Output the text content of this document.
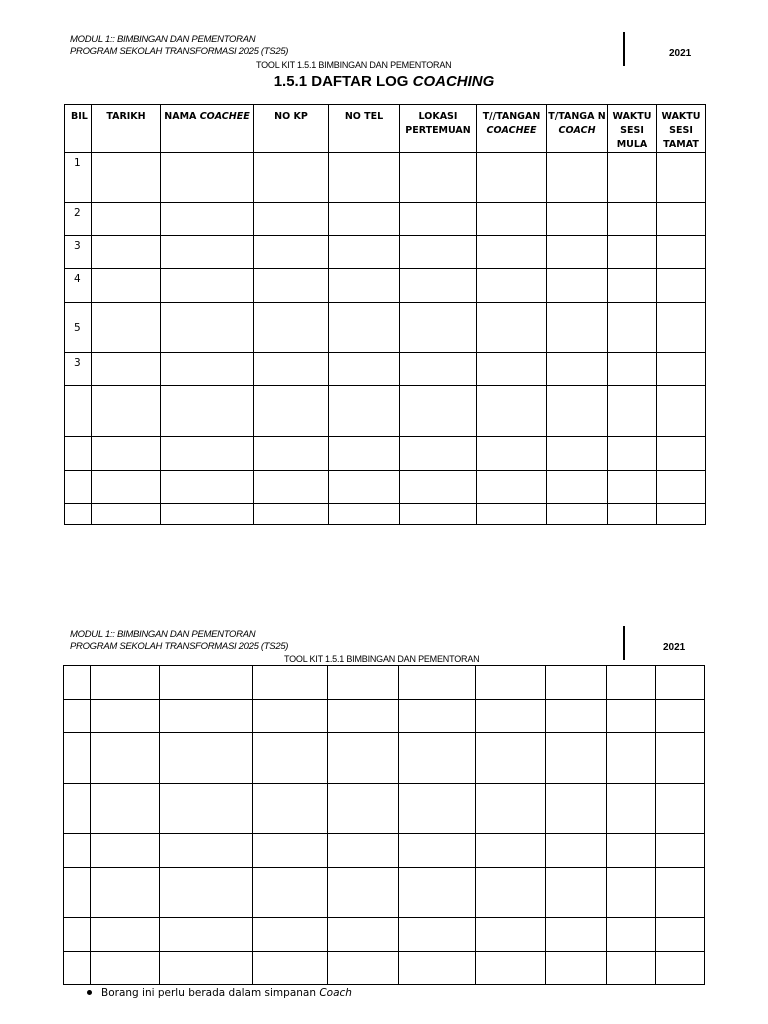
MODUL 1:: BIMBINGAN DAN PEMENTORAN
PROGRAM SEKOLAH TRANSFORMASI 2025 (TS25)	2021
TOOL KIT 1.5.1 BIMBINGAN DAN PEMENTORAN
1.5.1 DAFTAR LOG COACHING
BIL	TARIKH	NAMA COACHEE	NO KP	NO TEL	LOKASI PERTEMUAN	T//TANGAN COACHEE	T/TANGA N COACH	WAKTU SESI MULA	WAKTU SESI TAMAT
1									
2									
3									
4									
5									
3									

MODUL 1:: BIMBINGAN DAN PEMENTORAN
PROGRAM SEKOLAH TRANSFORMASI 2025 (TS25)	2021
TOOL KIT 1.5.1 BIMBINGAN DAN PEMENTORAN

Borang ini perlu berada dalam simpanan Coach
